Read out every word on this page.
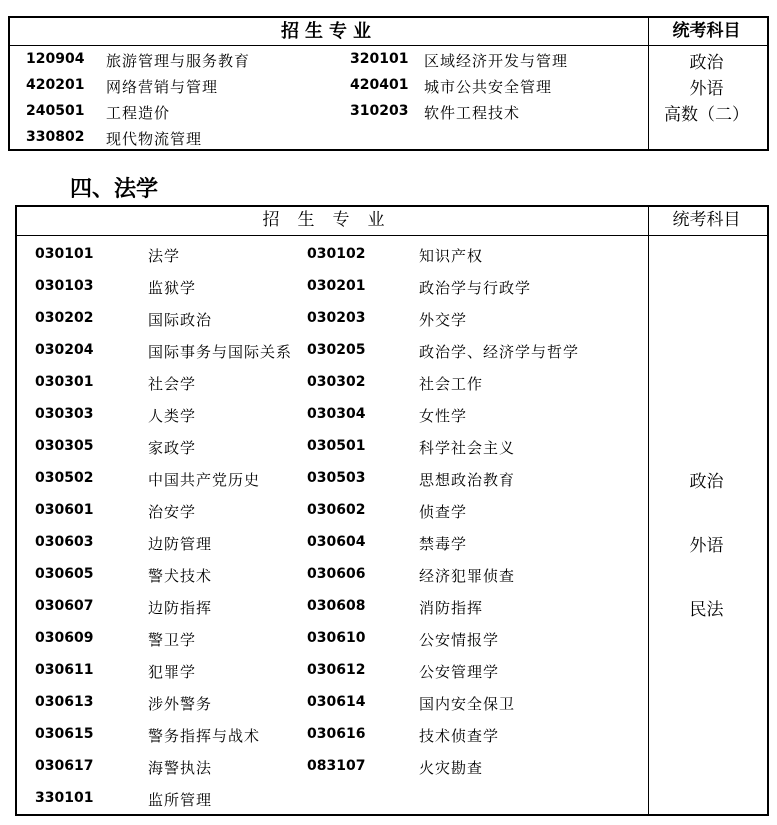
招生专业	统考科目
120904 旅游管理与服务教育	320101 区域经济开发与管理
420201 网络营销与管理	420401 城市公共安全管理
240501 工程造价	310203 软件工程技术
330802 现代物流管理
政治
外语
高数（二）
四、法学
招生专业	统考科目
030101	法学	030102	知识产权
030103	监狱学	030201	政治学与行政学
030202	国际政治	030203	外交学
030204	国际事务与国际关系 030205	政治学、经济学与哲学
030301	社会学	030302	社会工作
030303	人类学	030304	女性学
030305	家政学	030501	科学社会主义
030502	中国共产党历史	030503	思想政治教育
030601	治安学	030602	侦查学
030603	边防管理	030604	禁毒学
030605	警犬技术	030606	经济犯罪侦查
030607	边防指挥	030608	消防指挥
030609	警卫学	030610	公安情报学
030611	犯罪学	030612	公安管理学
030613	涉外警务	030614	国内安全保卫
030615	警务指挥与战术	030616	技术侦查学
030617	海警执法	083107	火灾勘查
330101	监所管理
政治
外语
民法
